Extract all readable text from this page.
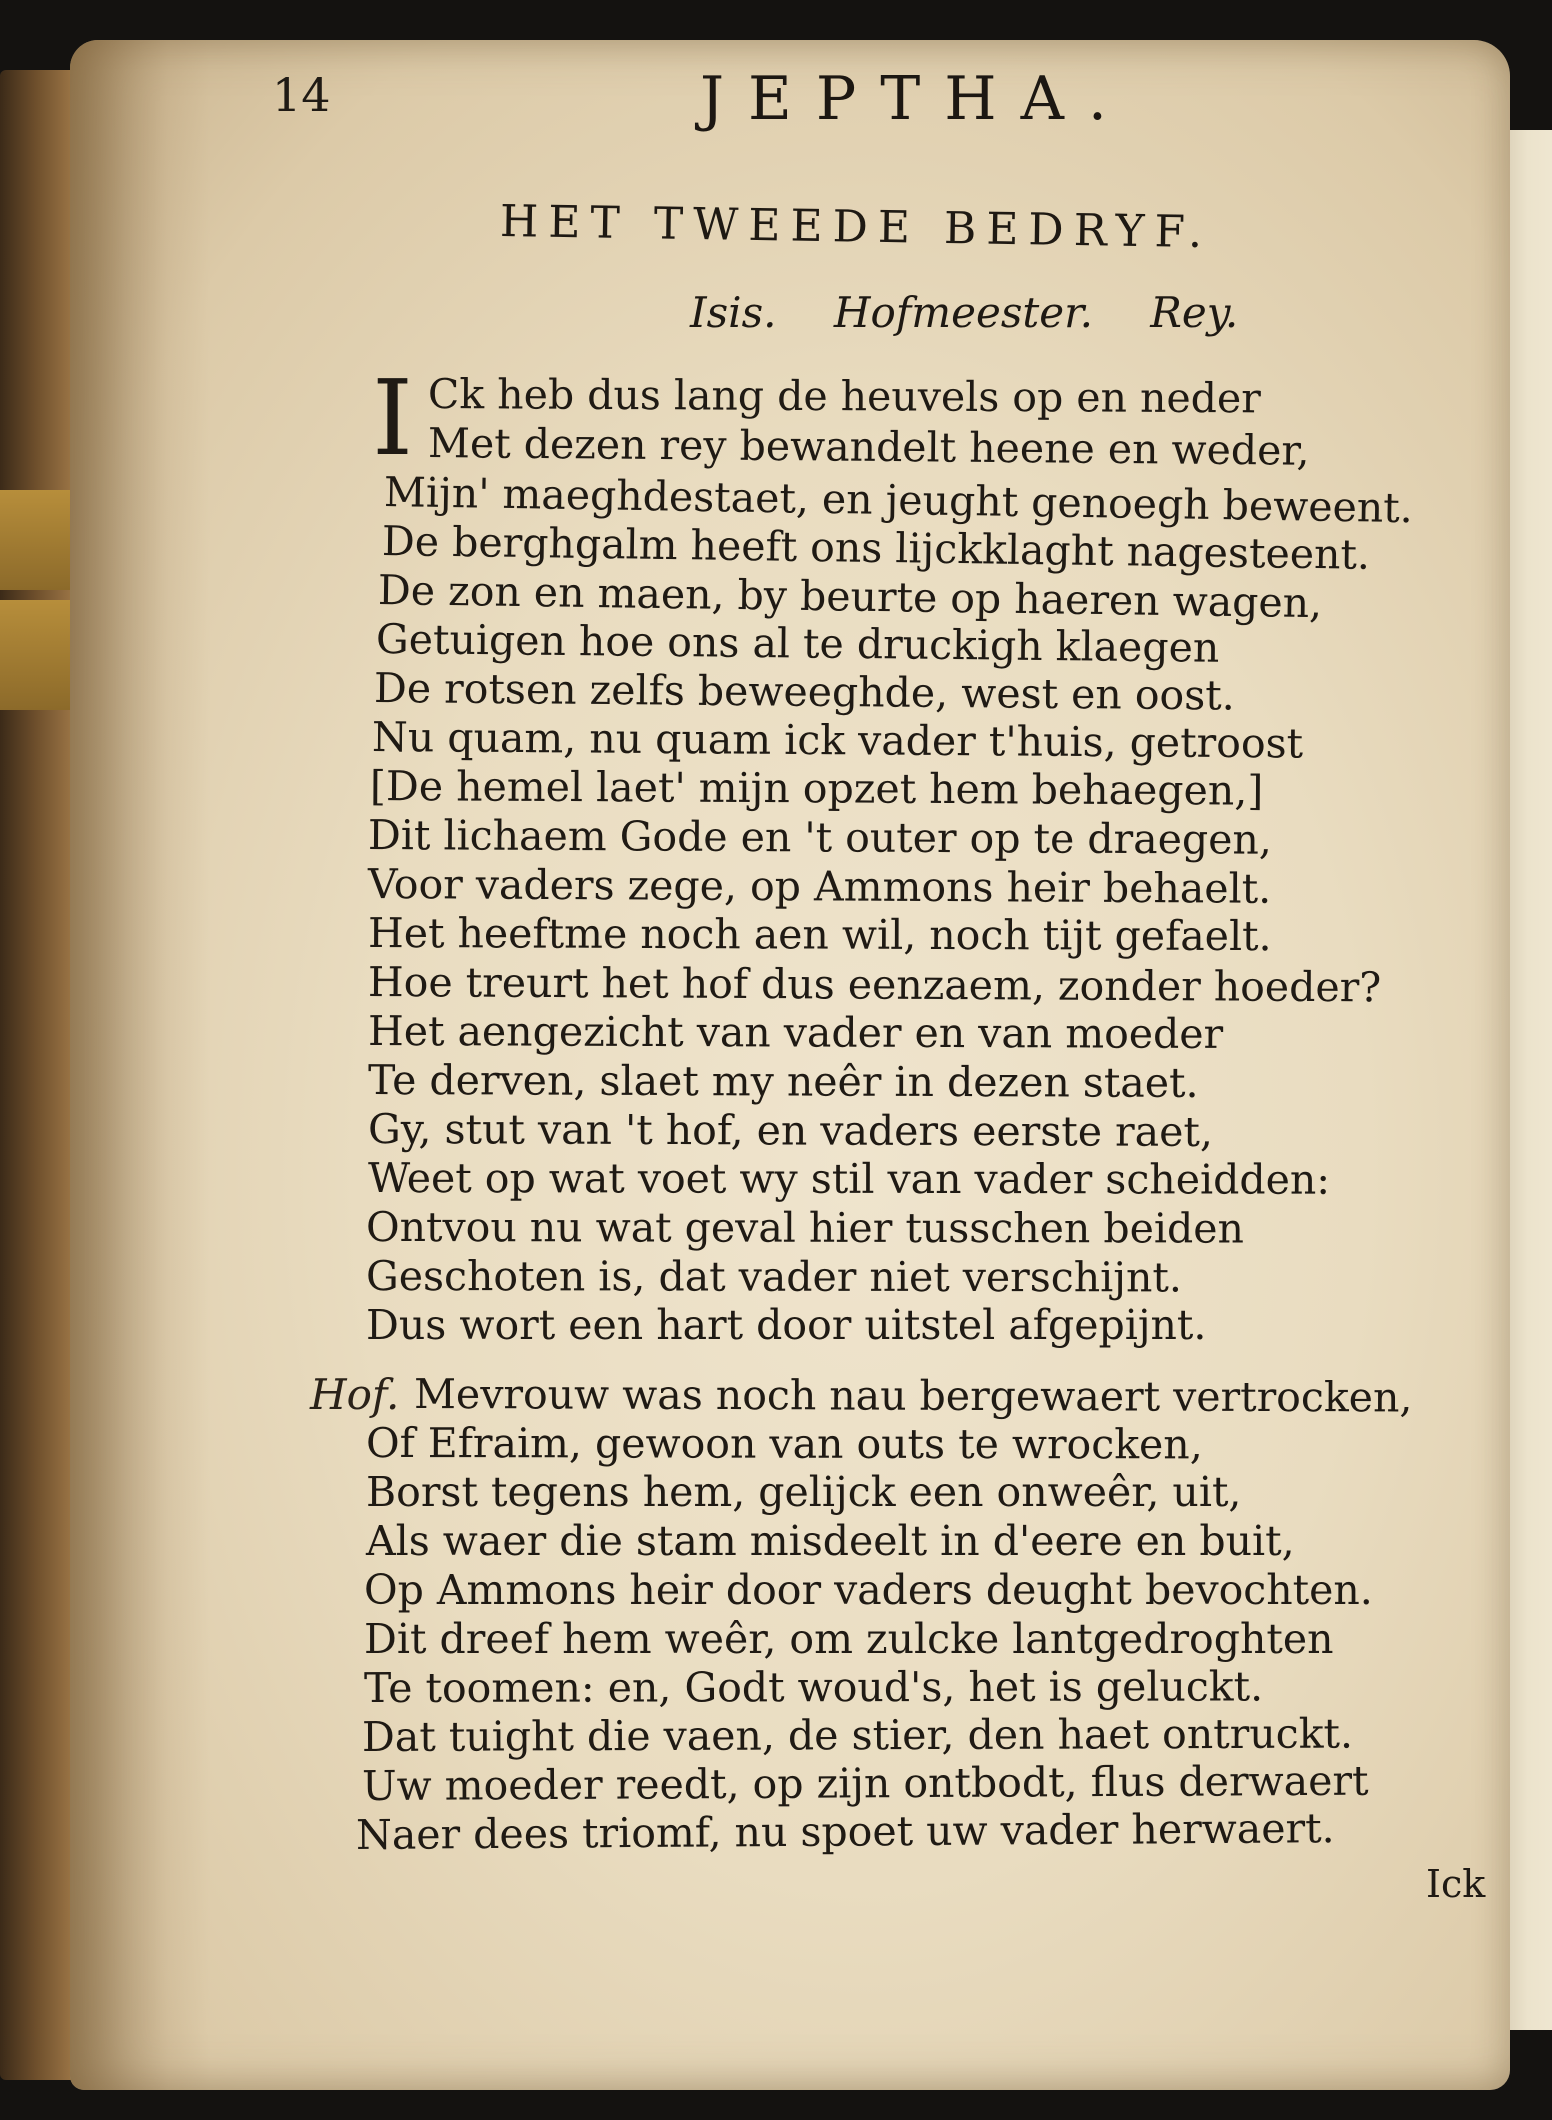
14	JEPTHA.
HET TWEEDE BEDRYF.
Isis. Hofmeester. Rey.
I
Hof.
Ck heb dus lang de heuvels op en neder
Met dezen rey bewandelt heene en weder,
Mijn' maeghdestaet, en jeught genoegh beweent.
De berghgalm heeft ons lijckklaght nagesteent.
De zon en maen, by beurte op haeren wagen,
Getuigen hoe ons al te druckigh klaegen
De rotsen zelfs beweeghde, west en oost.
Nu quam, nu quam ick vader t'huis, getroost
[De hemel laet' mijn opzet hem behaegen,]
Dit lichaem Gode en 't outer op te draegen,
Voor vaders zege, op Ammons heir behaelt.
Het heeftme noch aen wil, noch tijt gefaelt.
Hoe treurt het hof dus eenzaem, zonder hoeder?
Het aengezicht van vader en van moeder
Te derven, slaet my neêr in dezen staet.
Gy, stut van 't hof, en vaders eerste raet,
Weet op wat voet wy stil van vader scheidden:
Ontvou nu wat geval hier tusschen beiden
Geschoten is, dat vader niet verschijnt.
Dus wort een hart door uitstel afgepijnt.
Mevrouw was noch nau bergewaert vertrocken,
Of Efraim, gewoon van outs te wrocken,
Borst tegens hem, gelijck een onweêr, uit,
Als waer die stam misdeelt in d'eere en buit,
Op Ammons heir door vaders deught bevochten.
Dit dreef hem weêr, om zulcke lantgedroghten
Te toomen: en, Godt woud's, het is geluckt.
Dat tuight die vaen, de stier, den haet ontruckt.
Uw moeder reedt, op zijn ontbodt, flus derwaert
Naer dees triomf, nu spoet uw vader herwaert.
Ick
